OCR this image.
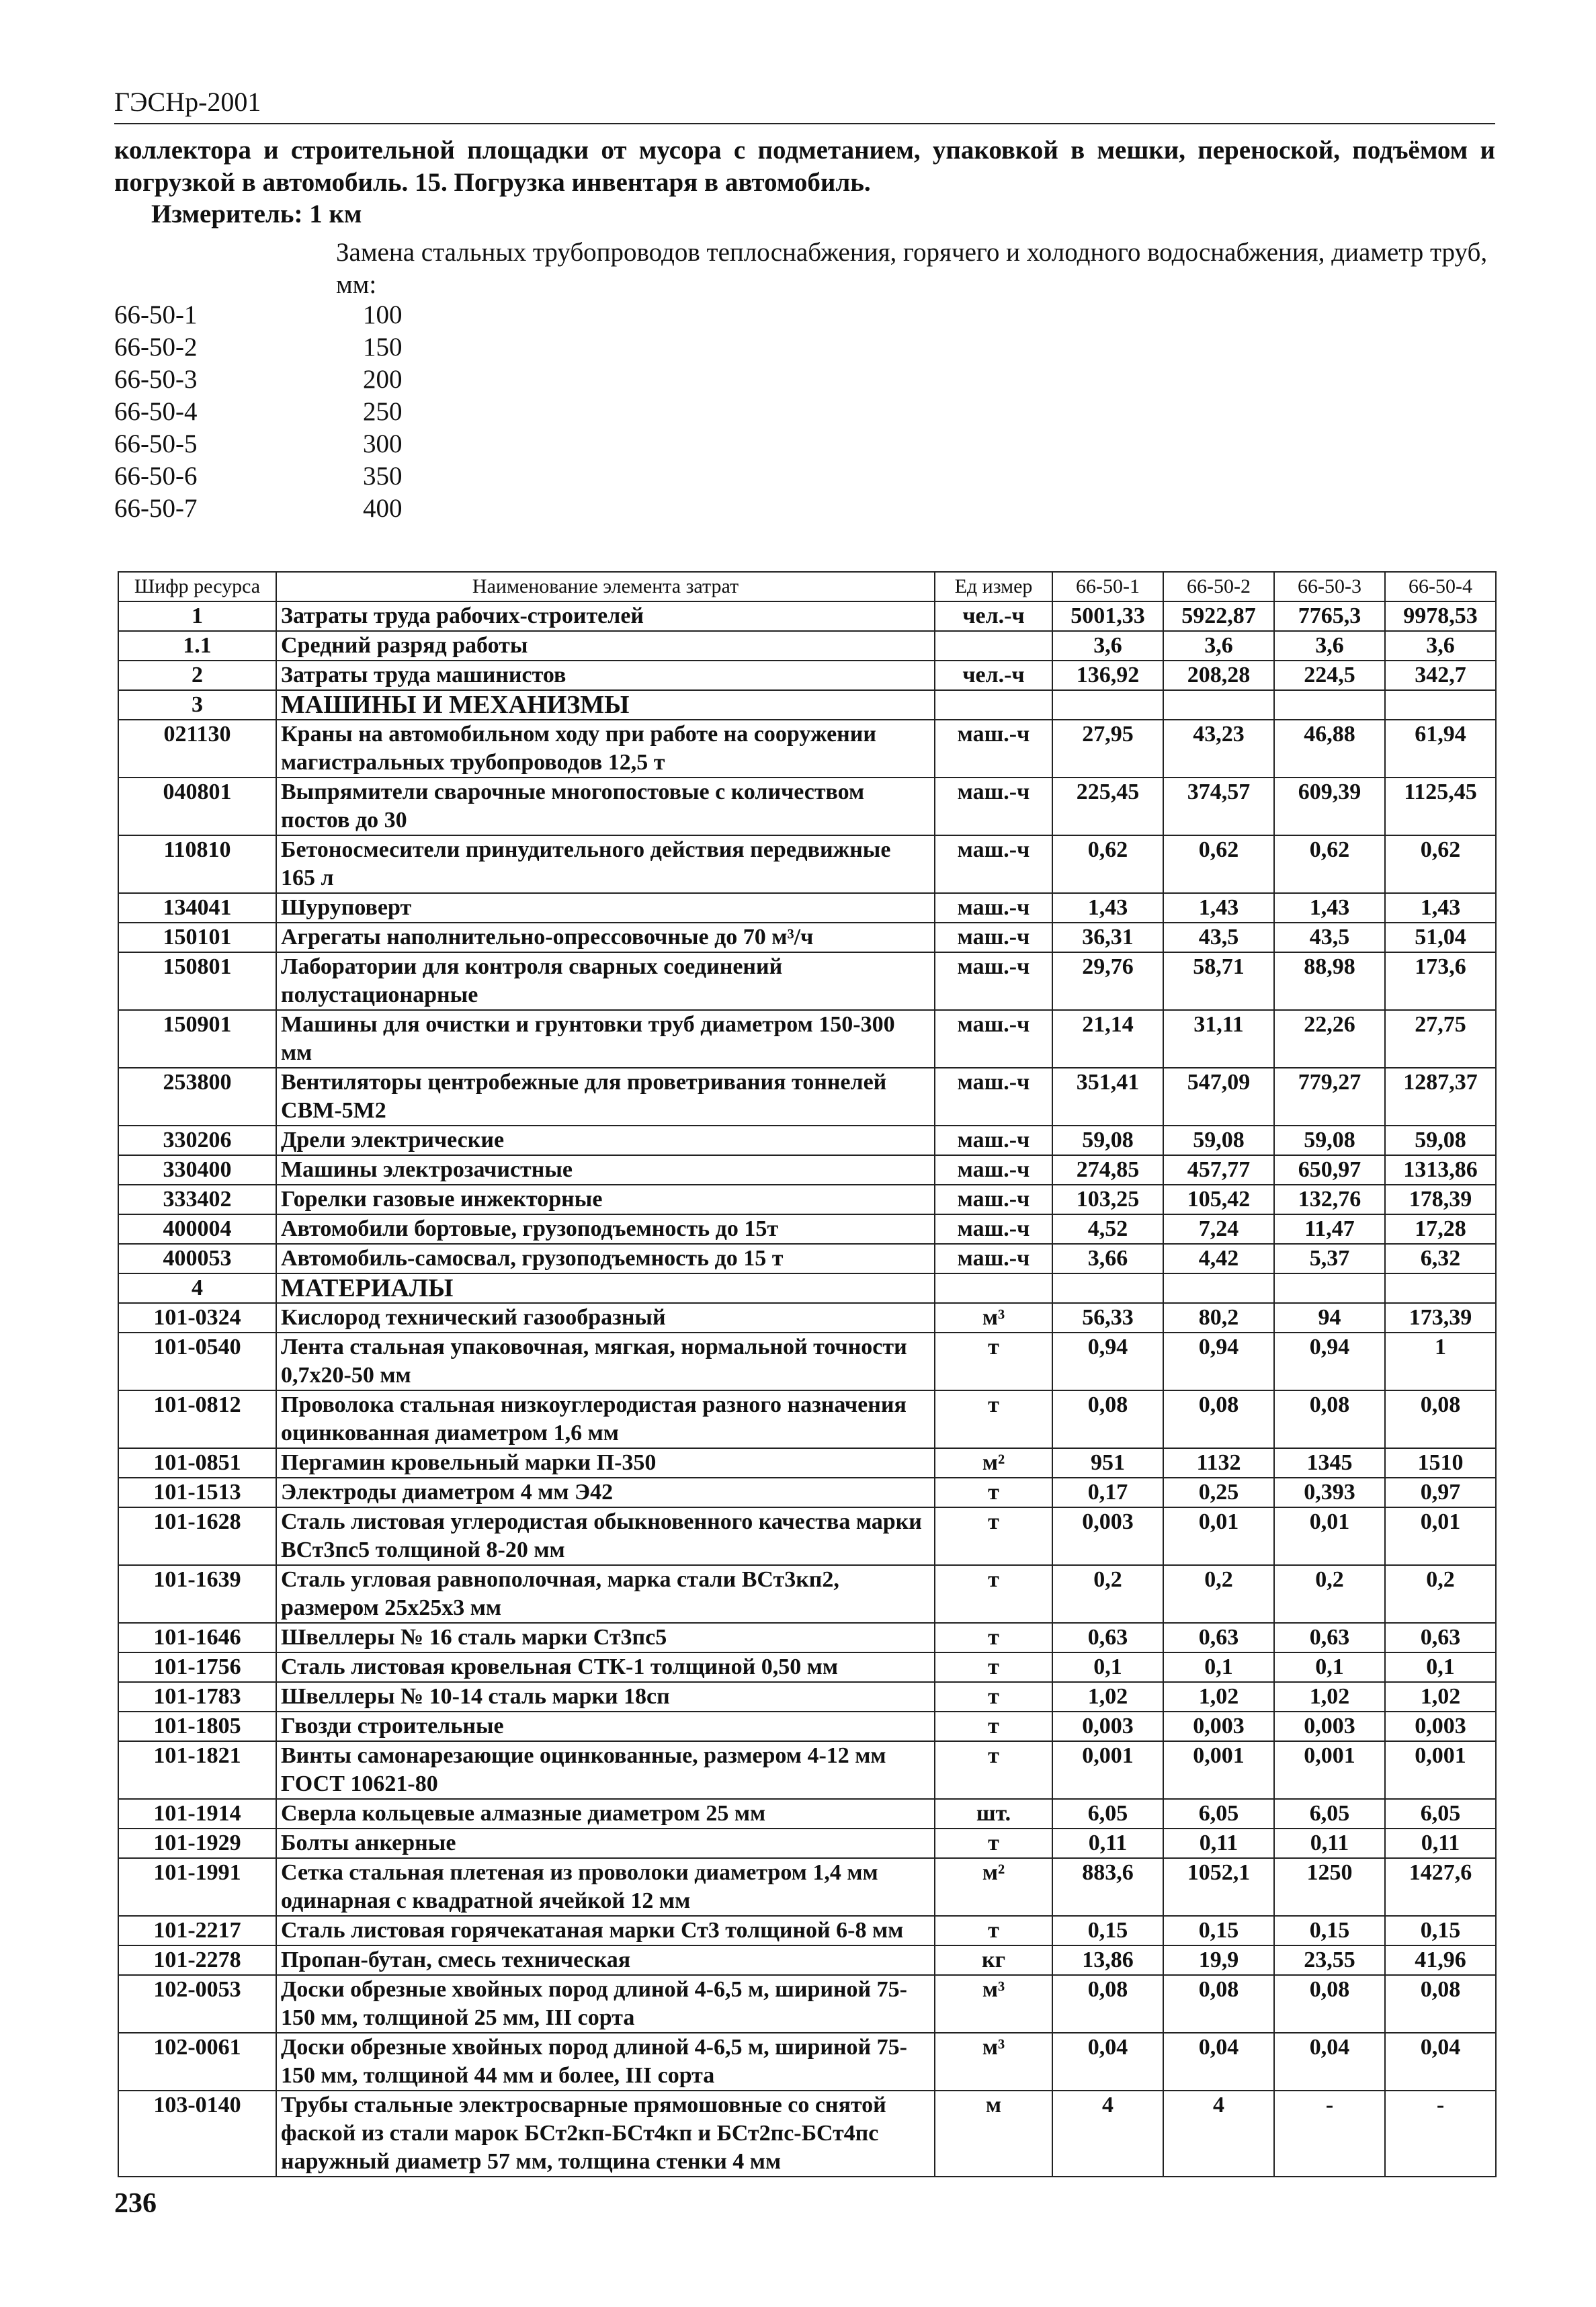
ГЭСНр-2001
коллектора и строительной площадки от мусора с подметанием, упаковкой в мешки, переноской, подъёмом и погрузкой в автомобиль. 15. Погрузка инвентаря в автомобиль.
Измеритель: 1 км
Замена стальных трубопроводов теплоснабжения, горячего и холодного водоснабжения, диаметр труб, мм:
66-50-1	100
66-50-2	150
66-50-3	200
66-50-4	250
66-50-5	300
66-50-6	350
66-50-7	400
Шифр ресурса	Наименование элемента затрат	Ед измер	66-50-1	66-50-2	66-50-3	66-50-4
1	Затраты труда рабочих-строителей	чел.-ч	5001,33	5922,87	7765,3	9978,53
1.1	Средний разряд работы		3,6	3,6	3,6	3,6
2	Затраты труда машинистов	чел.-ч	136,92	208,28	224,5	342,7
3	МАШИНЫ И МЕХАНИЗМЫ					
021130	Краны на автомобильном ходу при работе на сооружении магистральных трубопроводов 12,5 т	маш.-ч	27,95	43,23	46,88	61,94
040801	Выпрямители сварочные многопостовые с количеством постов до 30	маш.-ч	225,45	374,57	609,39	1125,45
110810	Бетоносмесители принудительного действия передвижные 165 л	маш.-ч	0,62	0,62	0,62	0,62
134041	Шуруповерт	маш.-ч	1,43	1,43	1,43	1,43
150101	Агрегаты наполнительно-опрессовочные до 70 м³/ч	маш.-ч	36,31	43,5	43,5	51,04
150801	Лаборатории для контроля сварных соединений полустационарные	маш.-ч	29,76	58,71	88,98	173,6
150901	Машины для очистки и грунтовки труб диаметром 150-300 мм	маш.-ч	21,14	31,11	22,26	27,75
253800	Вентиляторы центробежные для проветривания тоннелей СВМ-5М2	маш.-ч	351,41	547,09	779,27	1287,37
330206	Дрели электрические	маш.-ч	59,08	59,08	59,08	59,08
330400	Машины электрозачистные	маш.-ч	274,85	457,77	650,97	1313,86
333402	Горелки газовые инжекторные	маш.-ч	103,25	105,42	132,76	178,39
400004	Автомобили бортовые, грузоподъемность до 15т	маш.-ч	4,52	7,24	11,47	17,28
400053	Автомобиль-самосвал, грузоподъемность до 15 т	маш.-ч	3,66	4,42	5,37	6,32
4	МАТЕРИАЛЫ					
101-0324	Кислород технический газообразный	м³	56,33	80,2	94	173,39
101-0540	Лента стальная упаковочная, мягкая, нормальной точности 0,7х20-50 мм	т	0,94	0,94	0,94	1
101-0812	Проволока стальная низкоуглеродистая разного назначения оцинкованная диаметром 1,6 мм	т	0,08	0,08	0,08	0,08
101-0851	Пергамин кровельный марки П-350	м²	951	1132	1345	1510
101-1513	Электроды диаметром 4 мм Э42	т	0,17	0,25	0,393	0,97
101-1628	Сталь листовая углеродистая обыкновенного качества марки ВСт3пс5 толщиной 8-20 мм	т	0,003	0,01	0,01	0,01
101-1639	Сталь угловая равнополочная, марка стали ВСт3кп2, размером 25х25х3 мм	т	0,2	0,2	0,2	0,2
101-1646	Швеллеры № 16 сталь марки Ст3пс5	т	0,63	0,63	0,63	0,63
101-1756	Сталь листовая кровельная СТК-1 толщиной 0,50 мм	т	0,1	0,1	0,1	0,1
101-1783	Швеллеры № 10-14 сталь марки 18сп	т	1,02	1,02	1,02	1,02
101-1805	Гвозди строительные	т	0,003	0,003	0,003	0,003
101-1821	Винты самонарезающие оцинкованные, размером 4-12 мм ГОСТ 10621-80	т	0,001	0,001	0,001	0,001
101-1914	Сверла кольцевые алмазные диаметром 25 мм	шт.	6,05	6,05	6,05	6,05
101-1929	Болты анкерные	т	0,11	0,11	0,11	0,11
101-1991	Сетка стальная плетеная из проволоки диаметром 1,4 мм одинарная с квадратной ячейкой 12 мм	м²	883,6	1052,1	1250	1427,6
101-2217	Сталь листовая горячекатаная марки Ст3 толщиной 6-8 мм	т	0,15	0,15	0,15	0,15
101-2278	Пропан-бутан, смесь техническая	кг	13,86	19,9	23,55	41,96
102-0053	Доски обрезные хвойных пород длиной 4-6,5 м, шириной 75-150 мм, толщиной 25 мм, III сорта	м³	0,08	0,08	0,08	0,08
102-0061	Доски обрезные хвойных пород длиной 4-6,5 м, шириной 75-150 мм, толщиной 44 мм и более, III сорта	м³	0,04	0,04	0,04	0,04
103-0140	Трубы стальные электросварные прямошовные со снятой фаской из стали марок БСт2кп-БСт4кп и БСт2пс-БСт4пс наружный диаметр 57 мм, толщина стенки 4 мм	м	4	4	-	-
236
